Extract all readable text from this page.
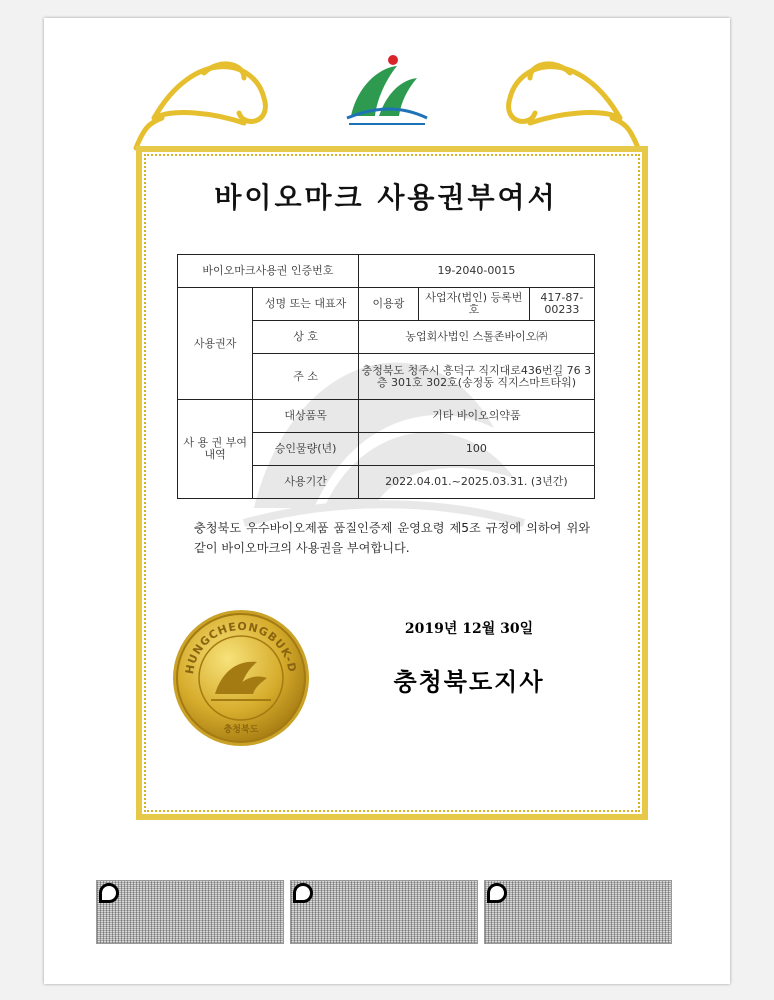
바이오마크 사용권부여서
바이오마크사용권 인증번호		19-2040-0015		
사용권자	성명 또는 대표자	이용광	사업자(법인) 등록번호	417-87-00233
	상 호	농업회사법인 스톨존바이오㈜		
	주 소	충청북도 청주시 흥덕구 직지대로436번길 76 3층 301호 302호(송정동 직지스마트타워)		
사 용 권 부여내역	대상품목	기타 바이오의약품		
	승인물량(년)	100		
	사용기간	2022.04.01.~2025.03.31. (3년간)		
충청북도 우수바이오제품 품질인증제 운영요령 제5조 규정에 의하여 위와 같이 바이오마크의 사용권을 부여합니다.
2019년 12월 30일
충청북도지사
HUNGCHEONGBUK-D
충청북도
